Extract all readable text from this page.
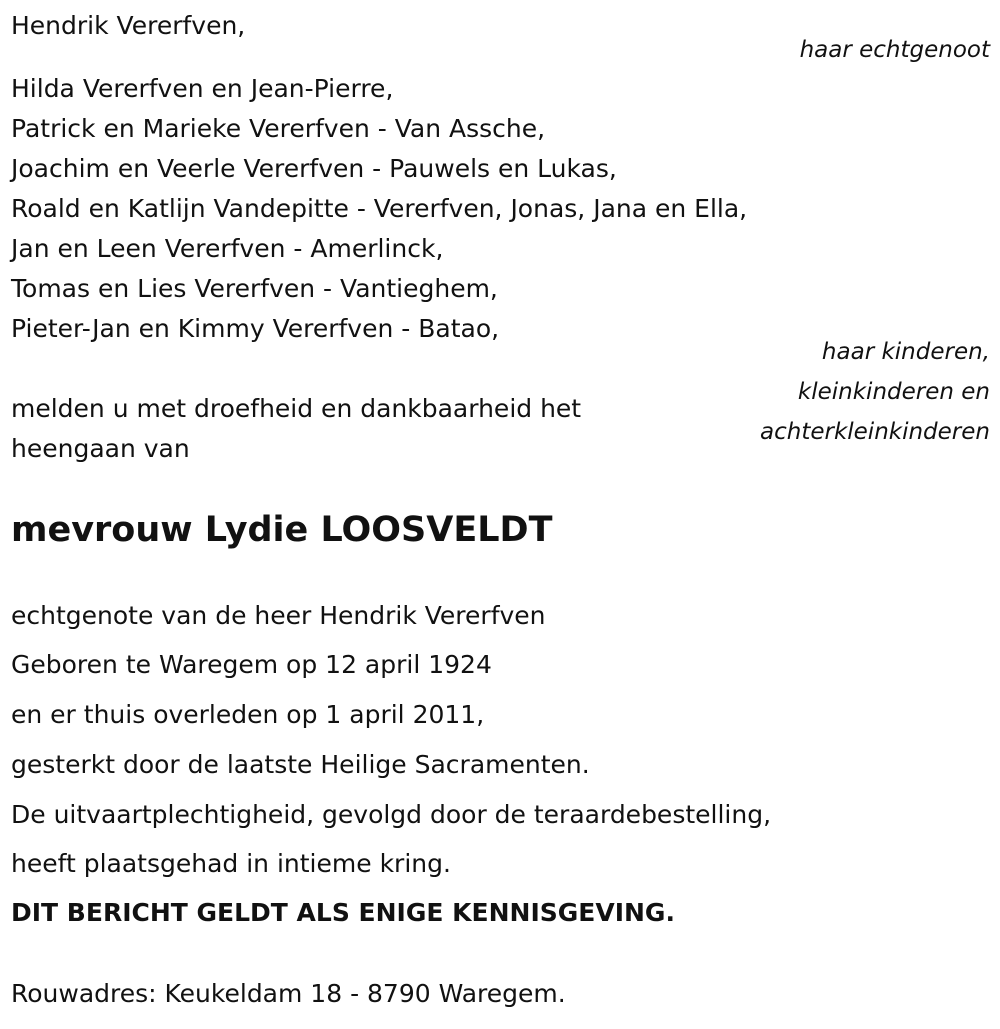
Hendrik Vererfven,
haar echtgenoot
Hilda Vererfven en Jean-Pierre,
Patrick en Marieke Vererfven - Van Assche,
Joachim en Veerle Vererfven - Pauwels en Lukas,
Roald en Katlijn Vandepitte - Vererfven, Jonas, Jana en Ella,
Jan en Leen Vererfven - Amerlinck,
Tomas en Lies Vererfven - Vantieghem,
Pieter-Jan en Kimmy Vererfven - Batao,
haar kinderen,
kleinkinderen en
achterkleinkinderen
melden u met droefheid en dankbaarheid het
heengaan van
mevrouw Lydie LOOSVELDT
echtgenote van de heer Hendrik Vererfven
Geboren te Waregem op 12 april 1924
en er thuis overleden op 1 april 2011,
gesterkt door de laatste Heilige Sacramenten.
De uitvaartplechtigheid, gevolgd door de teraardebestelling,
heeft plaatsgehad in intieme kring.
DIT BERICHT GELDT ALS ENIGE KENNISGEVING.
Rouwadres: Keukeldam 18 - 8790 Waregem.
